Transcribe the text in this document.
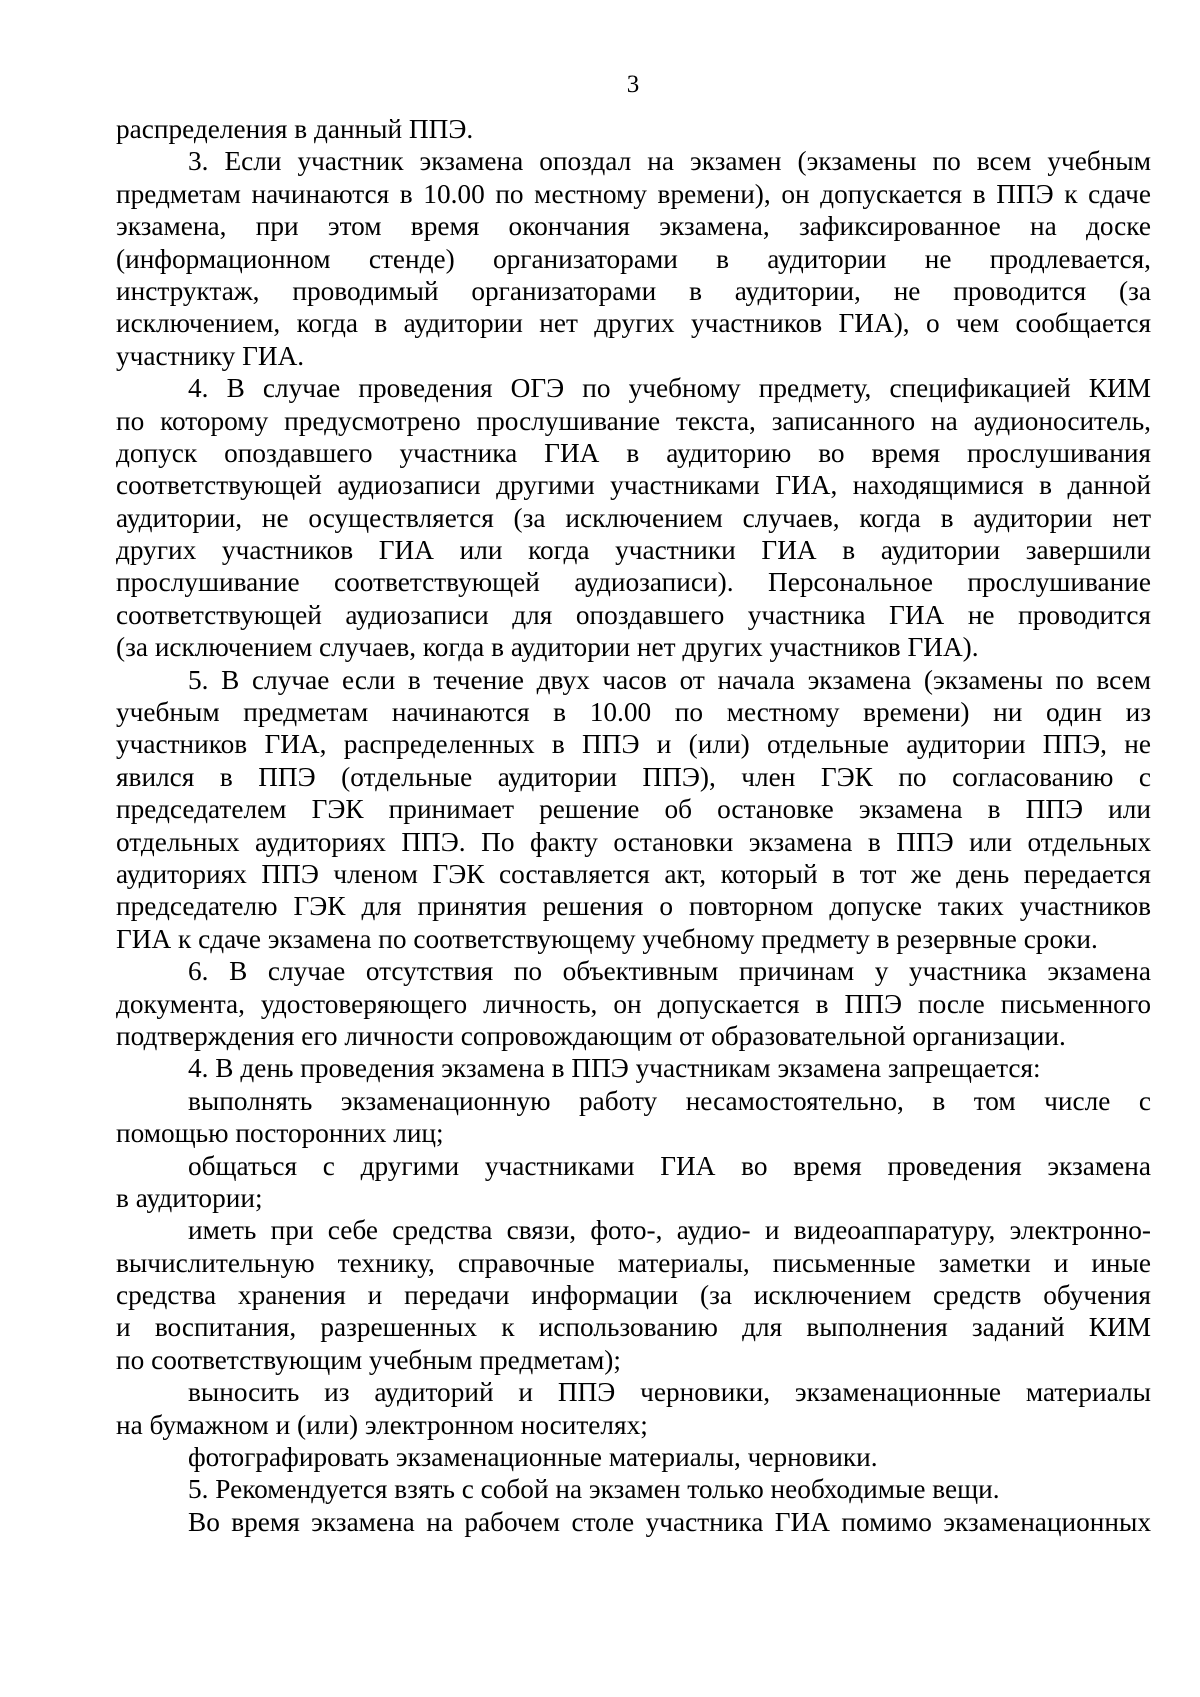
3
распределения в данный ППЭ.
3. Если участник экзамена опоздал на экзамен (экзамены по всем учебным
предметам начинаются в 10.00 по местному времени), он допускается в ППЭ к сдаче
экзамена, при этом время окончания экзамена, зафиксированное на доске
(информационном стенде) организаторами в аудитории не продлевается,
инструктаж, проводимый организаторами в аудитории, не проводится (за
исключением, когда в аудитории нет других участников ГИА), о чем сообщается
участнику ГИА.
4. В случае проведения ОГЭ по учебному предмету, спецификацией КИМ
по которому предусмотрено прослушивание текста, записанного на аудионоситель,
допуск опоздавшего участника ГИА в аудиторию во время прослушивания
соответствующей аудиозаписи другими участниками ГИА, находящимися в данной
аудитории, не осуществляется (за исключением случаев, когда в аудитории нет
других участников ГИА или когда участники ГИА в аудитории завершили
прослушивание соответствующей аудиозаписи). Персональное прослушивание
соответствующей аудиозаписи для опоздавшего участника ГИА не проводится
(за исключением случаев, когда в аудитории нет других участников ГИА).
5. В случае если в течение двух часов от начала экзамена (экзамены по всем
учебным предметам начинаются в 10.00 по местному времени) ни один из
участников ГИА, распределенных в ППЭ и (или) отдельные аудитории ППЭ, не
явился в ППЭ (отдельные аудитории ППЭ), член ГЭК по согласованию с
председателем ГЭК принимает решение об остановке экзамена в ППЭ или
отдельных аудиториях ППЭ. По факту остановки экзамена в ППЭ или отдельных
аудиториях ППЭ членом ГЭК составляется акт, который в тот же день передается
председателю ГЭК для принятия решения о повторном допуске таких участников
ГИА к сдаче экзамена по соответствующему учебному предмету в резервные сроки.
6. В случае отсутствия по объективным причинам у участника экзамена
документа, удостоверяющего личность, он допускается в ППЭ после письменного
подтверждения его личности сопровождающим от образовательной организации.
4. В день проведения экзамена в ППЭ участникам экзамена запрещается:
выполнять экзаменационную работу несамостоятельно, в том числе с
помощью посторонних лиц;
общаться с другими участниками ГИА во время проведения экзамена
в аудитории;
иметь при себе средства связи, фото-, аудио- и видеоаппаратуру, электронно-
вычислительную технику, справочные материалы, письменные заметки и иные
средства хранения и передачи информации (за исключением средств обучения
и воспитания, разрешенных к использованию для выполнения заданий КИМ
по соответствующим учебным предметам);
выносить из аудиторий и ППЭ черновики, экзаменационные материалы
на бумажном и (или) электронном носителях;
фотографировать экзаменационные материалы, черновики.
5. Рекомендуется взять с собой на экзамен только необходимые вещи.
Во время экзамена на рабочем столе участника ГИА помимо экзаменационных
